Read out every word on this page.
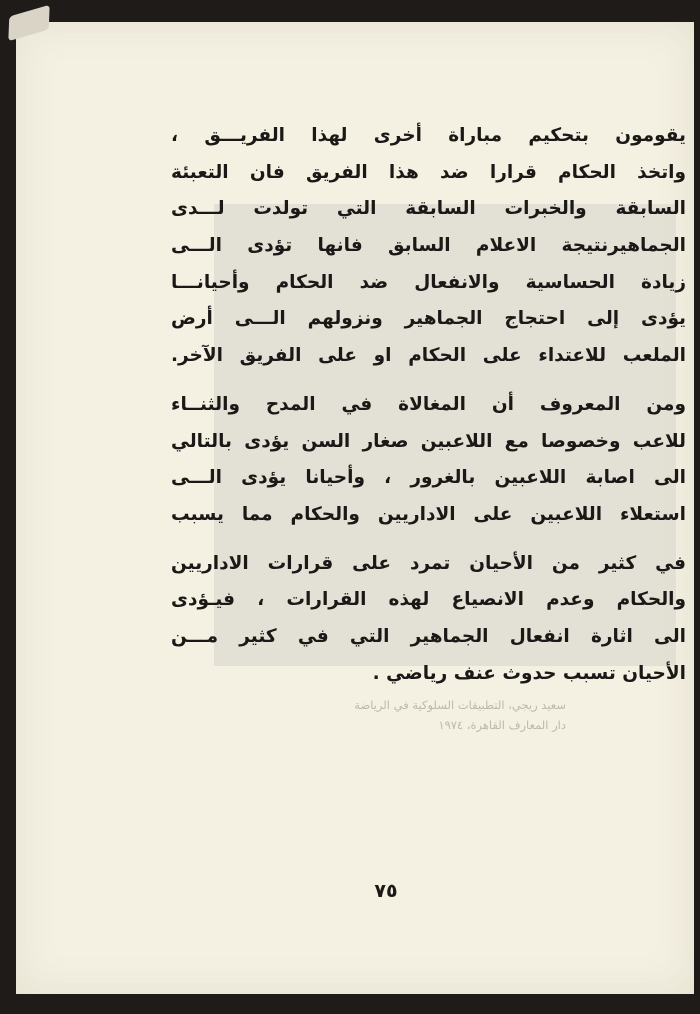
يقومون بتحكيم مباراة أخرى لهذا الفريـــق ،
واتخذ الحكام قرارا ضد هذا الفريق فان التعبئة
السابقة والخبرات السابقة التي تولدت لـــدى
الجماهيرنتيجة الاعلام السابق فانها تؤدى الـــى
زيادة الحساسية والانفعال ضد الحكام وأحيانـــا
يؤدى إلى احتجاج الجماهير ونزولهم الـــى أرض
الملعب للاعتداء على الحكام او على الفريق الآخر.
ومن المعروف أن المغالاة في المدح والثنــاء
للاعب وخصوصا مع اللاعبين صغار السن يؤدى بالتالي
الى اصابة اللاعبين بالغرور ، وأحيانا يؤدى الـــى
استعلاء اللاعبين على الاداريين والحكام مما يسبب
في كثير من الأحيان تمرد على قرارات الاداريين
والحكام وعدم الانصياع لهذه القرارات ، فيـؤدى
الى اثارة انفعال الجماهير التي في كثير مـــن
الأحيان تسبب حدوث عنف رياضي .
سعيد ريجي، التطبيقات السلوكية في الرياضة
دار المعارف القاهرة، ١٩٧٤
٧٥
